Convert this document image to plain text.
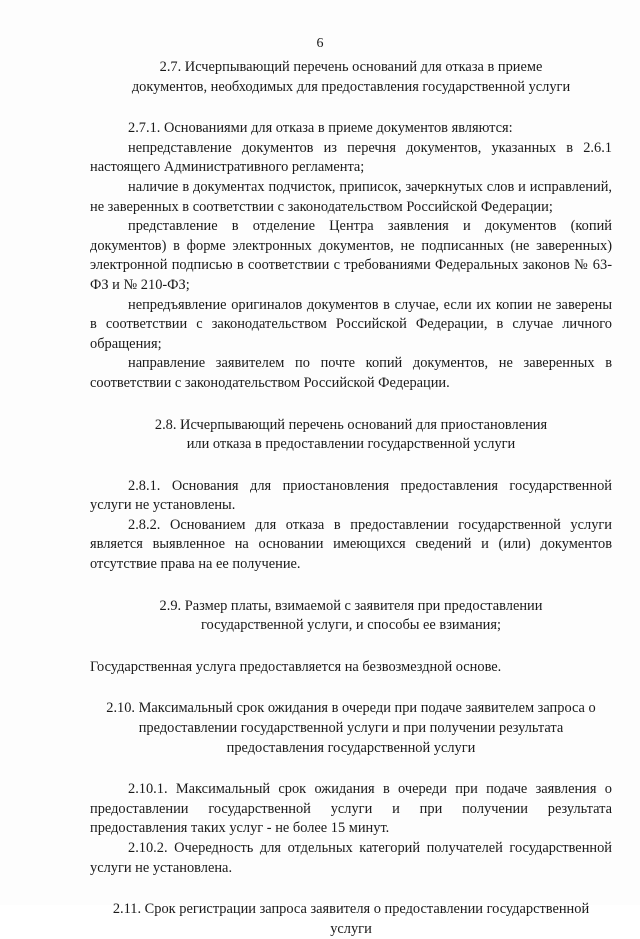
6
2.7. Исчерпывающий перечень оснований для отказа в приеме
документов, необходимых для предоставления государственной услуги

2.7.1. Основаниями для отказа в приеме документов являются:

непредставление документов из перечня документов, указанных в 2.6.1 настоящего Административного регламента;

наличие в документах подчисток, приписок, зачеркнутых слов и исправлений, не заверенных в соответствии с законодательством Российской Федерации;

представление в отделение Центра заявления и документов (копий документов) в форме электронных документов, не подписанных (не заверенных) электронной подписью в соответствии с требованиями Федеральных законов № 63-ФЗ и № 210-ФЗ;

непредъявление оригиналов документов в случае, если их копии не заверены в соответствии с законодательством Российской Федерации, в случае личного обращения;

направление заявителем по почте копий документов, не заверенных в соответствии с законодательством Российской Федерации.

2.8. Исчерпывающий перечень оснований для приостановления
или отказа в предоставлении государственной услуги

2.8.1. Основания для приостановления предоставления государственной услуги не установлены.

2.8.2. Основанием для отказа в предоставлении государственной услуги является выявленное на основании имеющихся сведений и (или) документов отсутствие права на ее получение.

2.9. Размер платы, взимаемой с заявителя при предоставлении
государственной услуги, и способы ее взимания;

Государственная услуга предоставляется на безвозмездной основе.

2.10. Максимальный срок ожидания в очереди при подаче заявителем запроса о
предоставлении государственной услуги и при получении результата
предоставления государственной услуги

2.10.1. Максимальный срок ожидания в очереди при подаче заявления о предоставлении государственной услуги и при получении результата предоставления таких услуг - не более 15 минут.

2.10.2. Очередность для отдельных категорий получателей государственной услуги не установлена.

2.11. Срок регистрации запроса заявителя о предоставлении государственной
услуги
